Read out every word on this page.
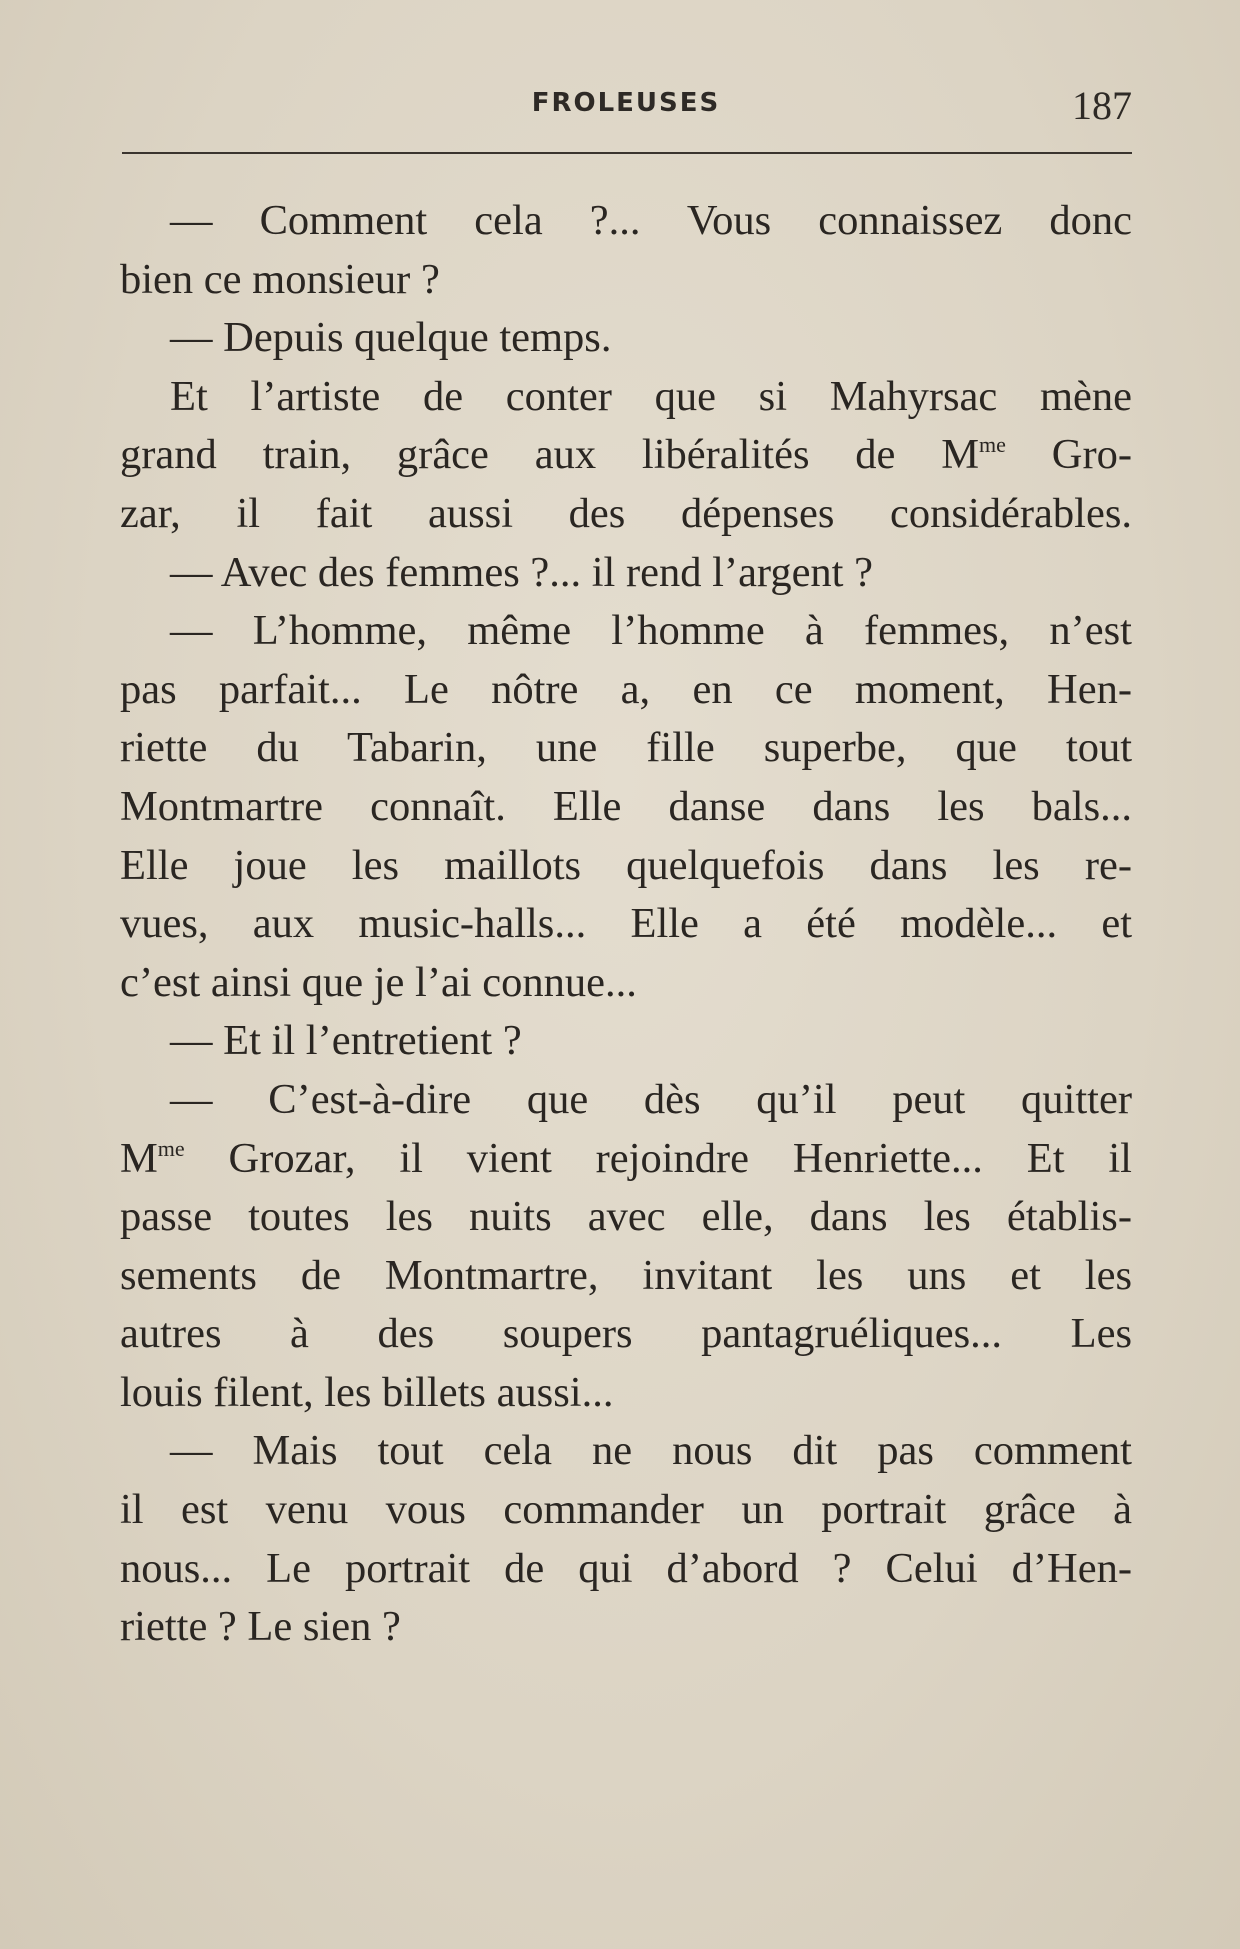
FROLEUSES	187
— Comment cela ?... Vous connaissez donc
bien ce monsieur ?
— Depuis quelque temps.
Et l’artiste de conter que si Mahyrsac mène
grand train, grâce aux libéralités de $M^{me}$ Gro-
zar, il fait aussi des dépenses considérables.
— Avec des femmes ?... il rend l’argent ?
— L’homme, même l’homme à femmes, n’est
pas parfait... Le nôtre a, en ce moment, Hen-
riette du Tabarin, une fille superbe, que tout
Montmartre connaît. Elle danse dans les bals...
Elle joue les maillots quelquefois dans les re-
vues, aux music-halls... Elle a été modèle... et
c’est ainsi que je l’ai connue...
— Et il l’entretient ?
— C’est-à-dire que dès qu’il peut quitter
$M^{me}$ Grozar, il vient rejoindre Henriette... Et il
passe toutes les nuits avec elle, dans les établis-
sements de Montmartre, invitant les uns et les
autres à des soupers pantagruéliques... Les
louis filent, les billets aussi...
— Mais tout cela ne nous dit pas comment
il est venu vous commander un portrait grâce à
nous... Le portrait de qui d’abord ? Celui d’Hen-
riette ? Le sien ?
